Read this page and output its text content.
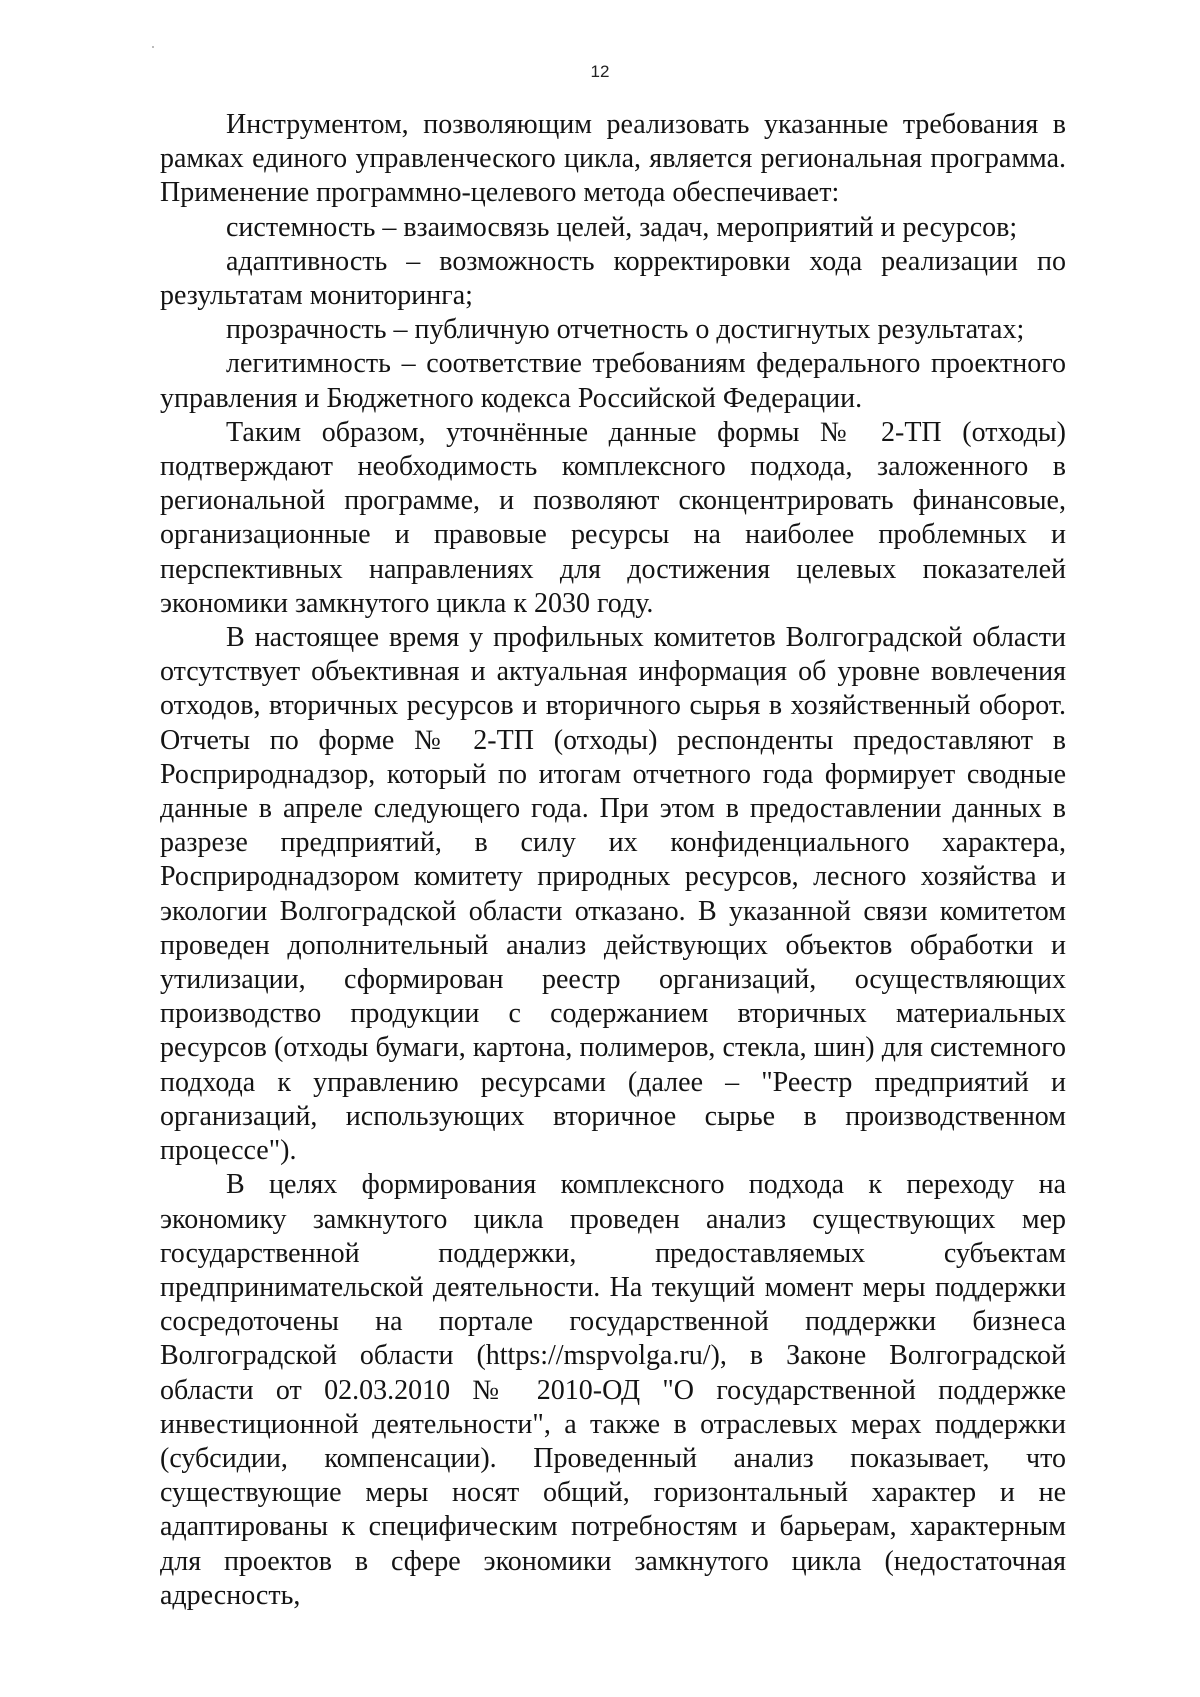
12

Инструментом, позволяющим реализовать указанные требования в рамках единого управленческого цикла, является региональная программа. Применение программно-целевого метода обеспечивает:

системность – взаимосвязь целей, задач, мероприятий и ресурсов;

адаптивность – возможность корректировки хода реализации по результатам мониторинга;

прозрачность – публичную отчетность о достигнутых результатах;

легитимность – соответствие требованиям федерального проектного управления и Бюджетного кодекса Российской Федерации.

Таким образом, уточнённые данные формы № 2-ТП (отходы) подтверждают необходимость комплексного подхода, заложенного в региональной программе, и позволяют сконцентрировать финансовые, организационные и правовые ресурсы на наиболее проблемных и перспективных направлениях для достижения целевых показателей экономики замкнутого цикла к 2030 году.

В настоящее время у профильных комитетов Волгоградской области отсутствует объективная и актуальная информация об уровне вовлечения отходов, вторичных ресурсов и вторичного сырья в хозяйственный оборот. Отчеты по форме № 2-ТП (отходы) респонденты предоставляют в Росприроднадзор, который по итогам отчетного года формирует сводные данные в апреле следующего года. При этом в предоставлении данных в разрезе предприятий, в силу их конфиденциального характера, Росприроднадзором комитету природных ресурсов, лесного хозяйства и экологии Волгоградской области отказано. В указанной связи комитетом проведен дополнительный анализ действующих объектов обработки и утилизации, сформирован реестр организаций, осуществляющих производство продукции с содержанием вторичных материальных ресурсов (отходы бумаги, картона, полимеров, стекла, шин) для системного подхода к управлению ресурсами (далее – "Реестр предприятий и организаций, использующих вторичное сырье в производственном процессе").

В целях формирования комплексного подхода к переходу на экономику замкнутого цикла проведен анализ существующих мер государственной поддержки, предоставляемых субъектам предпринимательской деятельности. На текущий момент меры поддержки сосредоточены на портале государственной поддержки бизнеса Волгоградской области (https://mspvolga.ru/), в Законе Волгоградской области от 02.03.2010 № 2010-ОД "О государственной поддержке инвестиционной деятельности", а также в отраслевых мерах поддержки (субсидии, компенсации). Проведенный анализ показывает, что существующие меры носят общий, горизонтальный характер и не адаптированы к специфическим потребностям и барьерам, характерным для проектов в сфере экономики замкнутого цикла (недостаточная адресность,
